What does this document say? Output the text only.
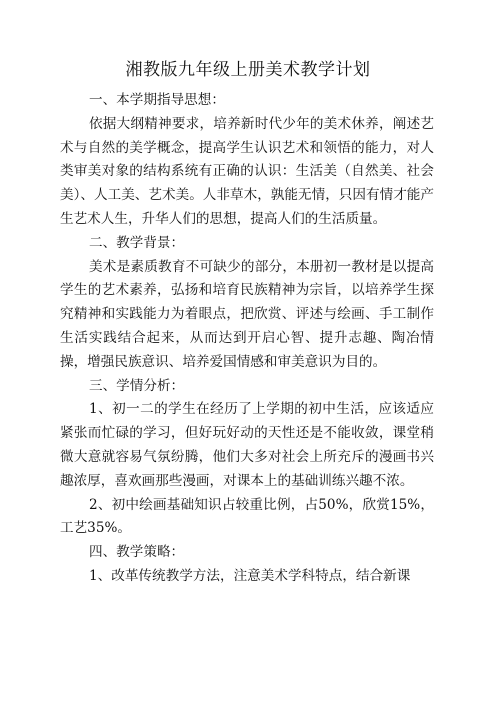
湘教版九年级上册美术教学计划

一、本学期指导思想：

依据大纲精神要求，培养新时代少年的美术休养，阐述艺术与自然的美学概念，提高学生认识艺术和领悟的能力，对人类审美对象的结构系统有正确的认识：生活美（自然美、社会美）、人工美、艺术美。人非草木，孰能无情，只因有情才能产生艺术人生，升华人们的思想，提高人们的生活质量。

二、教学背景：

美术是素质教育不可缺少的部分，本册初一教材是以提高学生的艺术素养，弘扬和培育民族精神为宗旨，以培养学生探究精神和实践能力为着眼点，把欣赏、评述与绘画、手工制作生活实践结合起来，从而达到开启心智、提升志趣、陶冶情操，增强民族意识、培养爱国情感和审美意识为目的。

三、学情分析：

1、初一二的学生在经历了上学期的初中生活，应该适应紧张而忙碌的学习，但好玩好动的天性还是不能收敛，课堂稍微大意就容易气氛纷腾，他们大多对社会上所充斥的漫画书兴趣浓厚，喜欢画那些漫画，对课本上的基础训练兴趣不浓。

2、初中绘画基础知识占较重比例，占50%，欣赏15%，工艺35%。

四、教学策略：

1、改革传统教学方法，注意美术学科特点，结合新课
